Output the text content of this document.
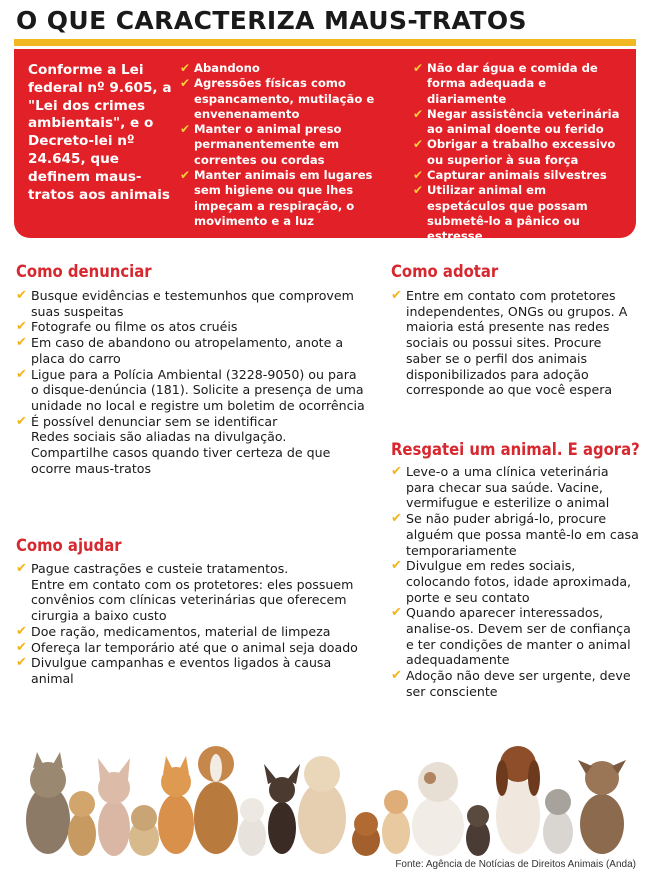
O QUE CARACTERIZA MAUS-TRATOS
Conforme a Lei federal nº 9.605, a "Lei dos crimes ambientais", e o Decreto-lei nº 24.645, que definem maus-tratos aos animais
✔ Abandono
✔ Agressões físicas como espancamento, mutilação e envenenamento
✔ Manter o animal preso permanentemente em correntes ou cordas
✔ Manter animais em lugares sem higiene ou que lhes impeçam a respiração, o movimento e a luz
✔ Não dar água e comida de forma adequada e diariamente
✔ Negar assistência veterinária ao animal doente ou ferido
✔ Obrigar a trabalho excessivo ou superior à sua força
✔ Capturar animais silvestres
✔ Utilizar animal em espetáculos que possam submetê-lo a pânico ou estresse
Como denunciar
✔ Busque evidências e testemunhos que comprovem suas suspeitas
✔ Fotografe ou filme os atos cruéis
✔ Em caso de abandono ou atropelamento, anote a placa do carro
✔ Ligue para a Polícia Ambiental (3228-9050) ou para o disque-denúncia (181). Solicite a presença de uma unidade no local e registre um boletim de ocorrência
✔ É possível denunciar sem se identificar
Redes sociais são aliadas na divulgação. Compartilhe casos quando tiver certeza de que ocorre maus-tratos
Como ajudar
✔ Pague castrações e custeie tratamentos.
Entre em contato com os protetores: eles possuem convênios com clínicas veterinárias que oferecem cirurgia a baixo custo
✔ Doe ração, medicamentos, material de limpeza
✔ Ofereça lar temporário até que o animal seja doado
✔ Divulgue campanhas e eventos ligados à causa animal
Como adotar
✔ Entre em contato com protetores independentes, ONGs ou grupos. A maioria está presente nas redes sociais ou possui sites. Procure saber se o perfil dos animais disponibilizados para adoção corresponde ao que você espera
Resgatei um animal. E agora?
✔ Leve-o a uma clínica veterinária para checar sua saúde. Vacine, vermifugue e esterilize o animal
✔ Se não puder abrigá-lo, procure alguém que possa mantê-lo em casa temporariamente
✔ Divulgue em redes sociais, colocando fotos, idade aproximada, porte e seu contato
✔ Quando aparecer interessados, analise-os. Devem ser de confiança e ter condições de manter o animal adequadamente
✔ Adoção não deve ser urgente, deve ser consciente
Fonte: Agência de Notícias de Direitos Animais (Anda)
